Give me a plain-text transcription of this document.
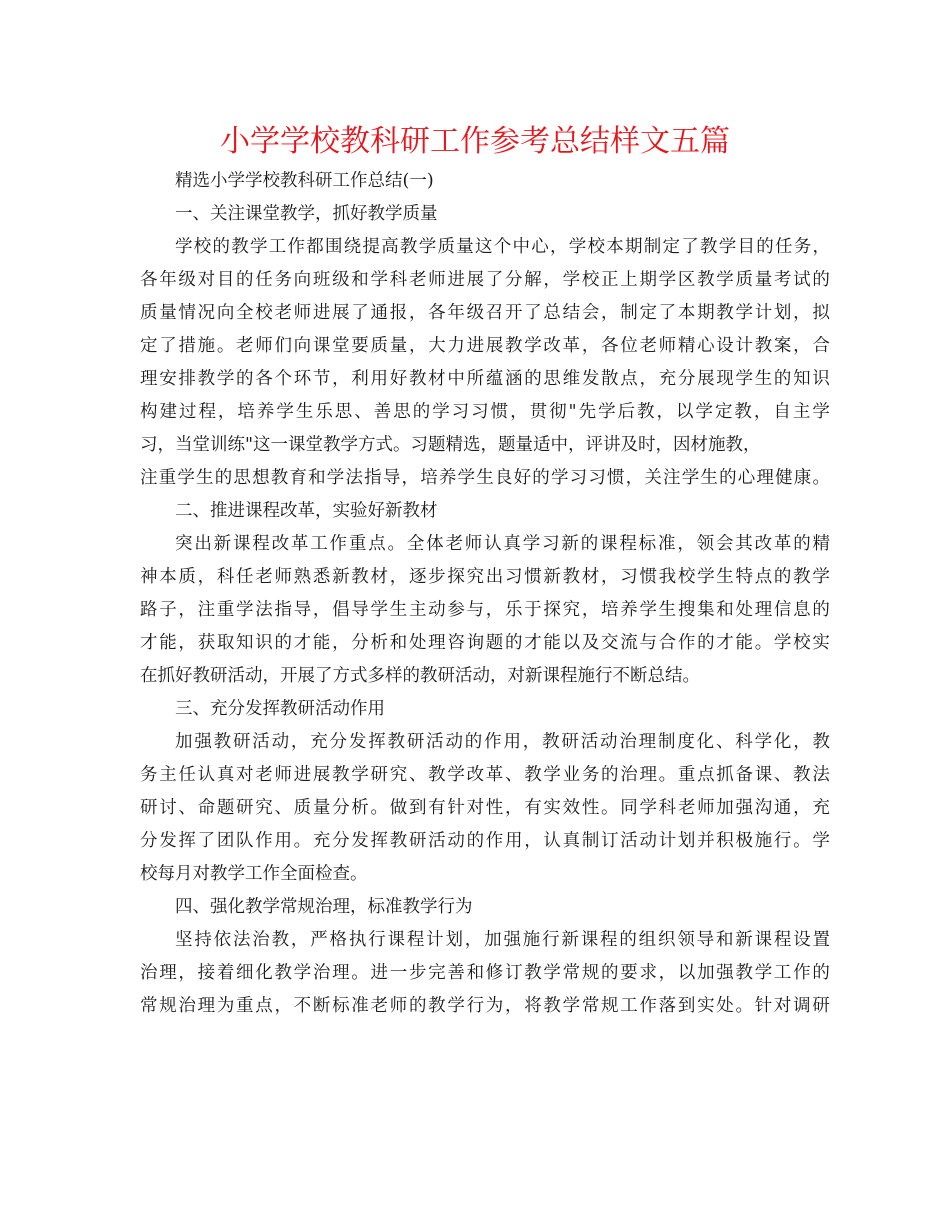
小学学校教科研工作参考总结样文五篇
精选小学学校教科研工作总结(一)
一、关注课堂教学，抓好教学质量
学校的教学工作都围绕提高教学质量这个中心，学校本期制定了教学目的任务，
各年级对目的任务向班级和学科老师进展了分解，学校正上期学区教学质量考试的
质量情况向全校老师进展了通报，各年级召开了总结会，制定了本期教学计划，拟
定了措施。老师们向课堂要质量，大力进展教学改革，各位老师精心设计教案，合
理安排教学的各个环节，利用好教材中所蕴涵的思维发散点，充分展现学生的知识
构建过程，培养学生乐思、善思的学习习惯，贯彻"先学后教，以学定教，自主学
习，当堂训练"这一课堂教学方式。习题精选，题量适中，评讲及时，因材施教，
注重学生的思想教育和学法指导，培养学生良好的学习习惯，关注学生的心理健康。
二、推进课程改革，实验好新教材
突出新课程改革工作重点。全体老师认真学习新的课程标准，领会其改革的精
神本质，科任老师熟悉新教材，逐步探究出习惯新教材，习惯我校学生特点的教学
路子，注重学法指导，倡导学生主动参与，乐于探究，培养学生搜集和处理信息的
才能，获取知识的才能，分析和处理咨询题的才能以及交流与合作的才能。学校实
在抓好教研活动，开展了方式多样的教研活动，对新课程施行不断总结。
三、充分发挥教研活动作用
加强教研活动，充分发挥教研活动的作用，教研活动治理制度化、科学化，教
务主任认真对老师进展教学研究、教学改革、教学业务的治理。重点抓备课、教法
研讨、命题研究、质量分析。做到有针对性，有实效性。同学科老师加强沟通，充
分发挥了团队作用。充分发挥教研活动的作用，认真制订活动计划并积极施行。学
校每月对教学工作全面检查。
四、强化教学常规治理，标准教学行为
坚持依法治教，严格执行课程计划，加强施行新课程的组织领导和新课程设置
治理，接着细化教学治理。进一步完善和修订教学常规的要求，以加强教学工作的
常规治理为重点，不断标准老师的教学行为，将教学常规工作落到实处。针对调研
